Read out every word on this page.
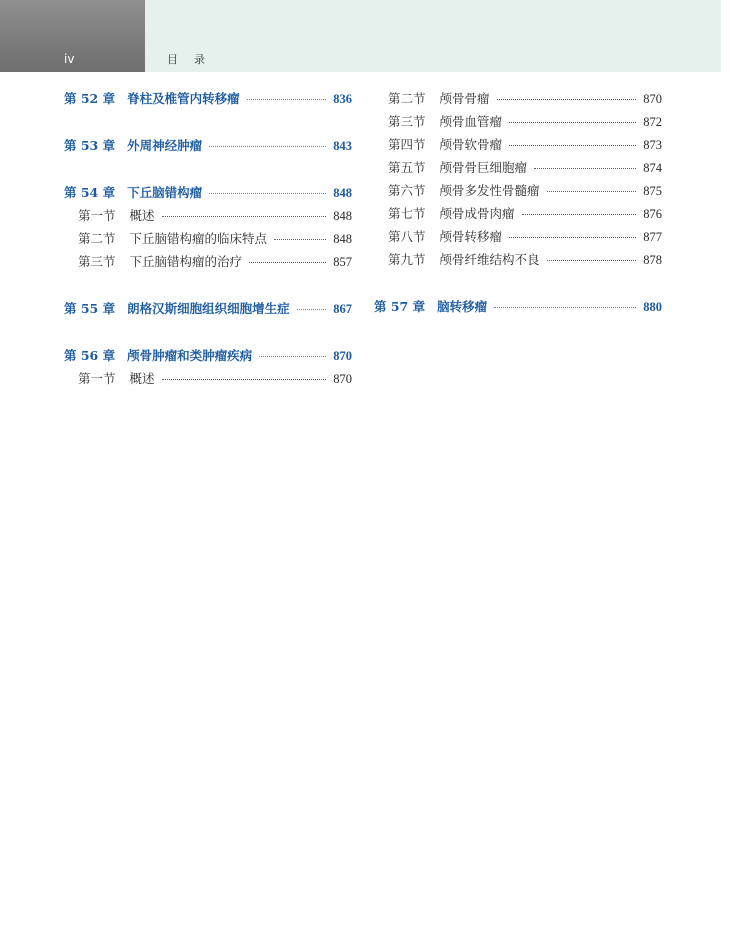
iv	目录
第 52 章 脊柱及椎管内转移瘤	836
第 53 章 外周神经肿瘤	843
第 54 章 下丘脑错构瘤	848
第一节 概述	848
第二节 下丘脑错构瘤的临床特点	848
第三节 下丘脑错构瘤的治疗	857
第 55 章 朗格汉斯细胞组织细胞增生症	867
第 56 章 颅骨肿瘤和类肿瘤疾病	870
第一节 概述	870
第二节 颅骨骨瘤	870
第三节 颅骨血管瘤	872
第四节 颅骨软骨瘤	873
第五节 颅骨骨巨细胞瘤	874
第六节 颅骨多发性骨髓瘤	875
第七节 颅骨成骨肉瘤	876
第八节 颅骨转移瘤	877
第九节 颅骨纤维结构不良	878
第 57 章 脑转移瘤	880
